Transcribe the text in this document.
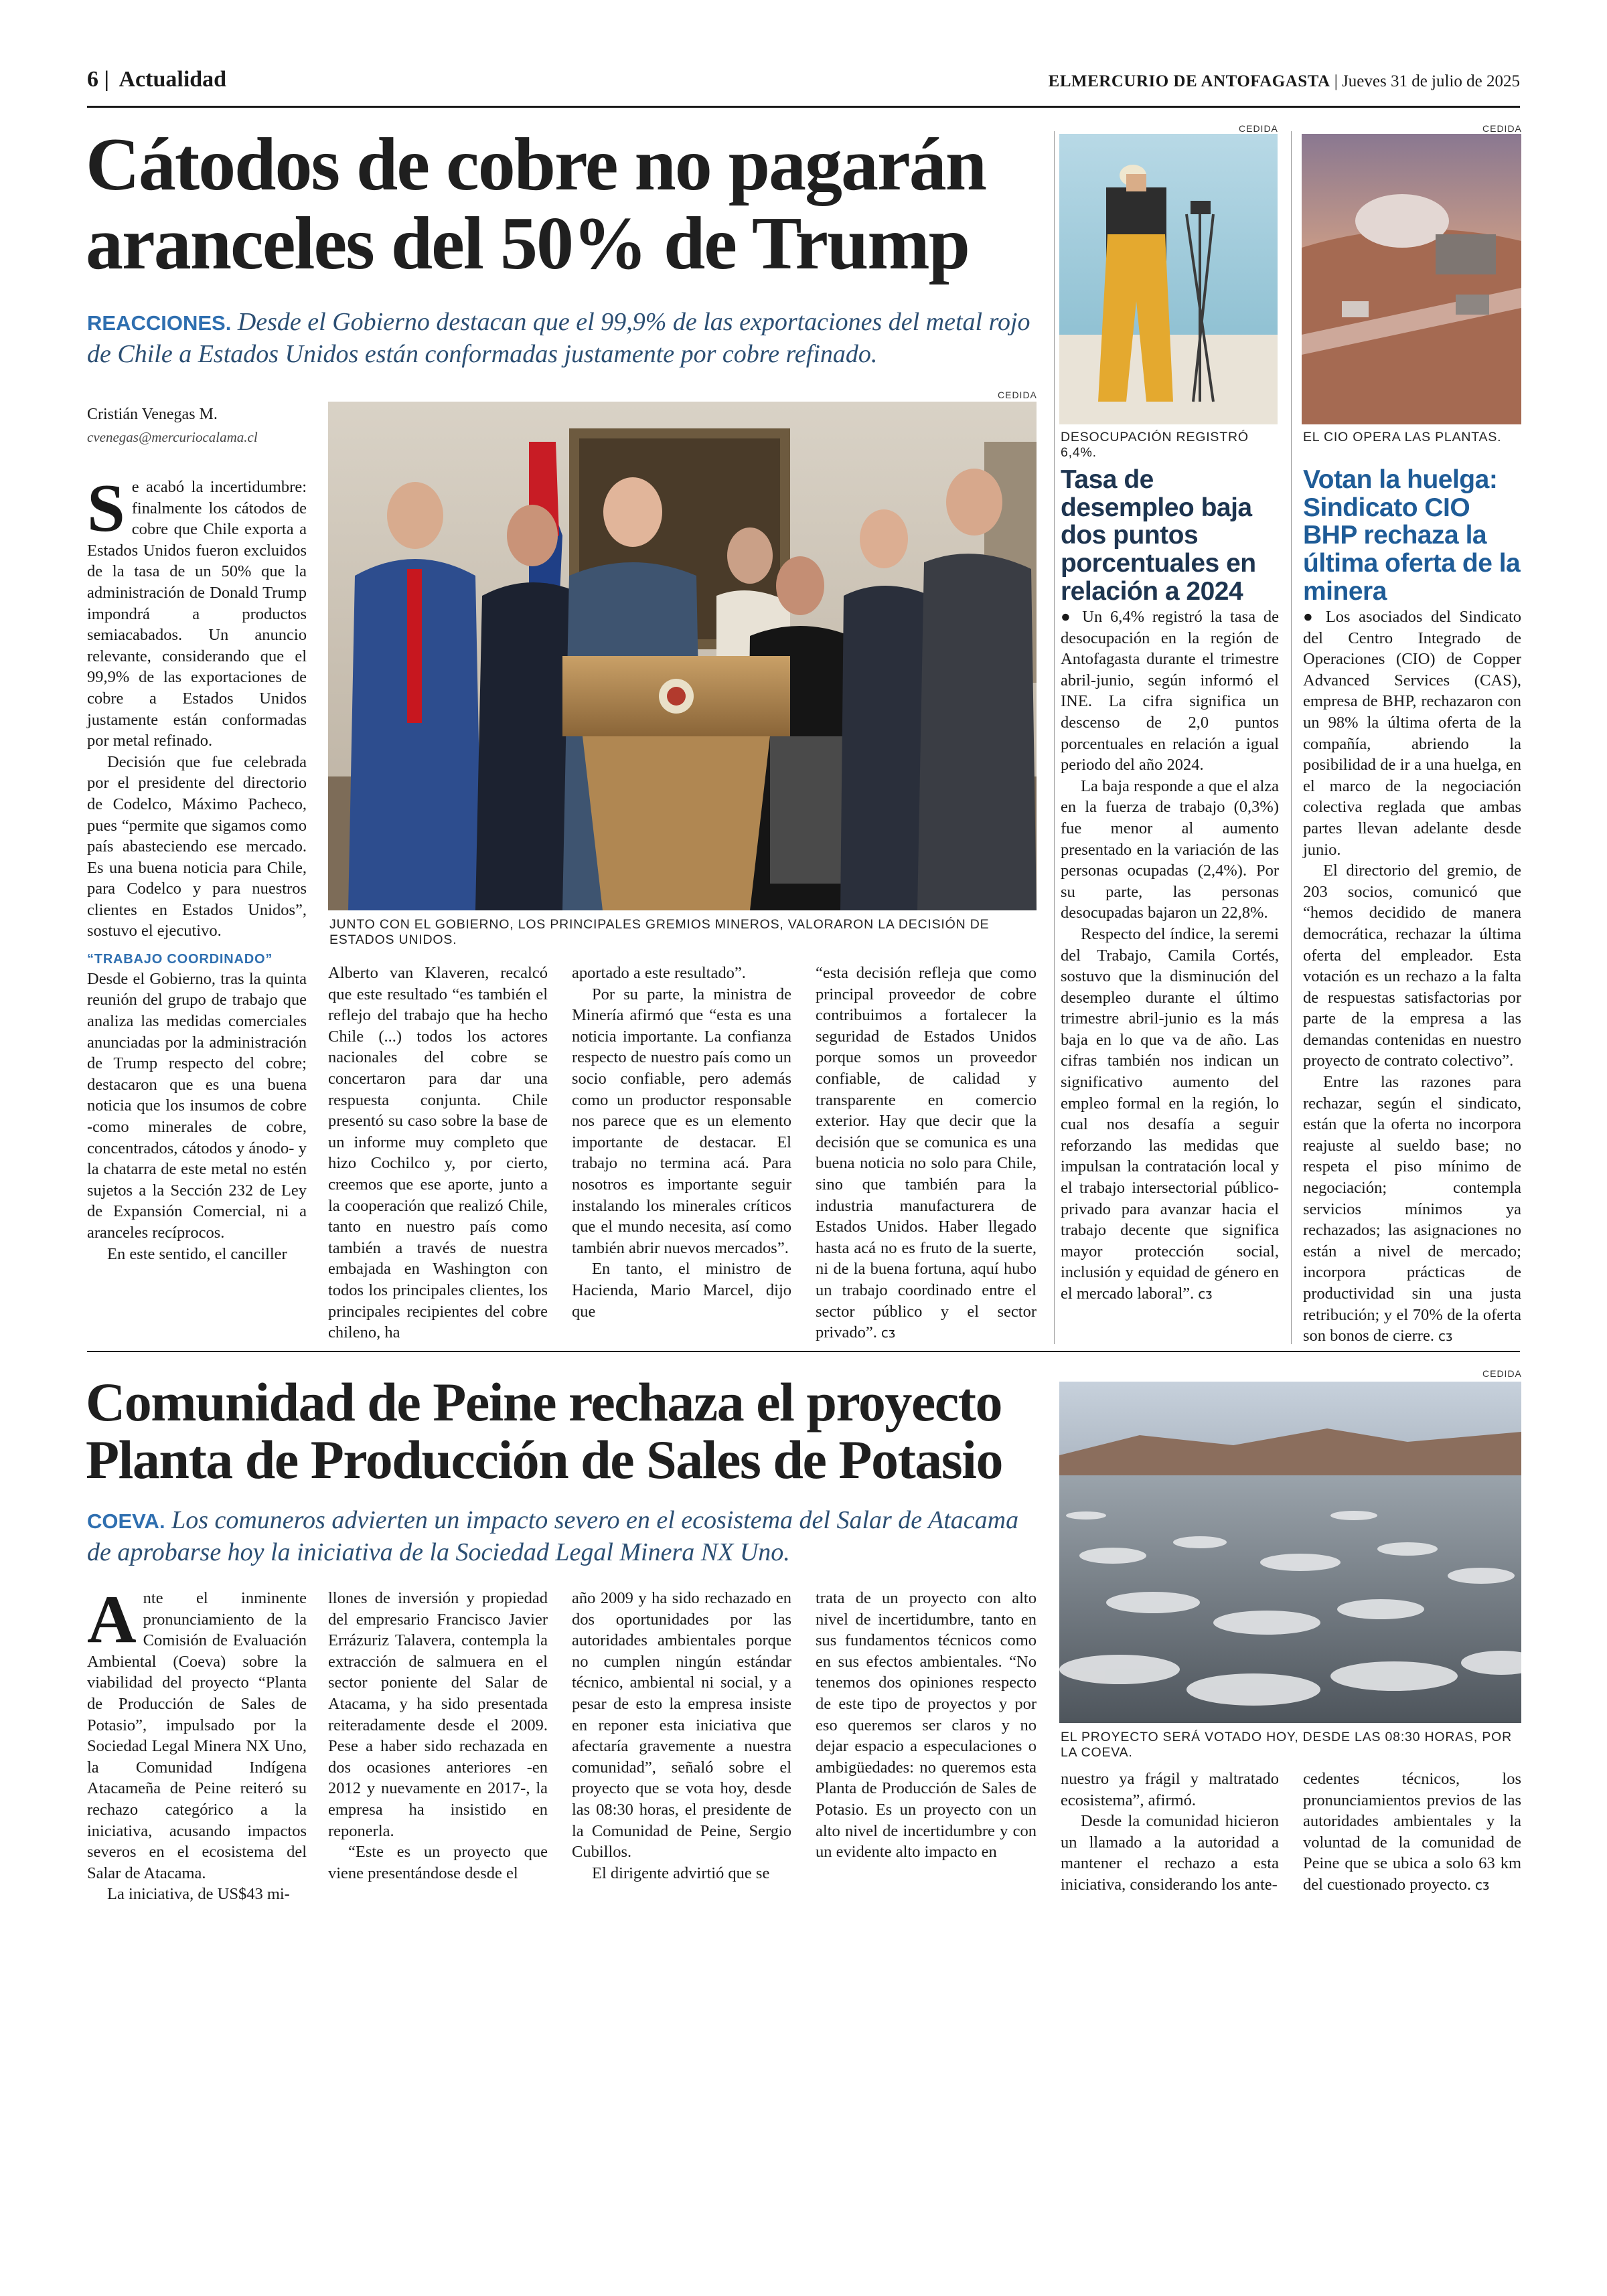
6 | Actualidad	ELMERCURIO DE ANTOFAGASTA | Jueves 31 de julio de 2025
Cátodos de cobre no pagarán
aranceles del 50% de Trump
REACCIONES. Desde el Gobierno destacan que el 99,9% de las exportaciones del metal rojo de Chile a Estados Unidos están conformadas justamente por cobre refinado.
Cristián Venegas M.
cvenegas@mercuriocalama.cl
CEDIDA
JUNTO CON EL GOBIERNO, LOS PRINCIPALES GREMIOS MINEROS, VALORARON LA DECISIÓN DE ESTADOS UNIDOS.

Se acabó la incertidumbre: finalmente los cátodos de cobre que Chile exporta a Estados Unidos fueron excluidos de la tasa de un 50% que la administración de Donald Trump impondrá a productos semiacabados. Un anuncio relevante, considerando que el 99,9% de las exportaciones de cobre a Estados Unidos justamente están conformadas por metal refinado.

Decisión que fue celebrada por el presidente del directorio de Codelco, Máximo Pacheco, pues “permite que sigamos como país abasteciendo ese mercado. Es una buena noticia para Chile, para Codelco y para nuestros clientes en Estados Unidos”, sostuvo el ejecutivo.

“TRABAJO COORDINADO”

Desde el Gobierno, tras la quinta reunión del grupo de trabajo que analiza las medidas comerciales anunciadas por la administración de Trump respecto del cobre; destacaron que es una buena noticia que los insumos de cobre -como minerales de cobre, concentrados, cátodos y ánodo- y la chatarra de este metal no estén sujetos a la Sección 232 de Ley de Expansión Comercial, ni a aranceles recíprocos.

En este sentido, el canciller

Alberto van Klaveren, recalcó que este resultado “es también el reflejo del trabajo que ha hecho Chile (...) todos los actores nacionales del cobre se concertaron para dar una respuesta conjunta. Chile presentó su caso sobre la base de un informe muy completo que hizo Cochilco y, por cierto, creemos que ese aporte, junto a la cooperación que realizó Chile, tanto en nuestro país como también a través de nuestra embajada en Washington con todos los principales clientes, los principales recipientes del cobre chileno, ha

aportado a este resultado”.

Por su parte, la ministra de Minería afirmó que “esta es una noticia importante. La confianza respecto de nuestro país como un socio confiable, pero además como un productor responsable nos parece que es un elemento importante de destacar. El trabajo no termina acá. Para nosotros es importante seguir instalando los minerales críticos que el mundo necesita, así como también abrir nuevos mercados”.

En tanto, el ministro de Hacienda, Mario Marcel, dijo que

“esta decisión refleja que como principal proveedor de cobre contribuimos a fortalecer la seguridad de Estados Unidos porque somos un proveedor confiable, de calidad y transparente en comercio exterior. Hay que decir que la decisión que se comunica es una buena noticia no solo para Chile, sino que también para la industria manufacturera de Estados Unidos. Haber llegado hasta acá no es fruto de la suerte, ni de la buena fortuna, aquí hubo un trabajo coordinado entre el sector público y el sector privado”. ᴄᴣ

CEDIDA
DESOCUPACIÓN REGISTRÓ 6,4%.
Tasa de desempleo baja dos puntos porcentuales en relación a 2024

● Un 6,4% registró la tasa de desocupación en la región de Antofagasta durante el trimestre abril-junio, según informó el INE. La cifra significa un descenso de 2,0 puntos porcentuales en relación a igual periodo del año 2024.

La baja responde a que el alza en la fuerza de trabajo (0,3%) fue menor al aumento presentado en la variación de las personas ocupadas (2,4%). Por su parte, las personas desocupadas bajaron un 22,8%.

Respecto del índice, la seremi del Trabajo, Camila Cortés, sostuvo que la disminución del desempleo durante el último trimestre abril-junio es la más baja en lo que va de año. Las cifras también nos indican un significativo aumento del empleo formal en la región, lo cual nos desafía a seguir reforzando las medidas que impulsan la contratación local y el trabajo intersectorial público-privado para avanzar hacia el trabajo decente que significa mayor protección social, inclusión y equidad de género en el mercado laboral”. ᴄᴣ

CEDIDA
EL CIO OPERA LAS PLANTAS.
Votan la huelga: Sindicato CIO BHP rechaza la última oferta de la minera

● Los asociados del Sindicato del Centro Integrado de Operaciones (CIO) de Copper Advanced Services (CAS), empresa de BHP, rechazaron con un 98% la última oferta de la compañía, abriendo la posibilidad de ir a una huelga, en el marco de la negociación colectiva reglada que ambas partes llevan adelante desde junio.

El directorio del gremio, de 203 socios, comunicó que “hemos decidido de manera democrática, rechazar la última oferta del empleador. Esta votación es un rechazo a la falta de respuestas satisfactorias por parte de la empresa a las demandas contenidas en nuestro proyecto de contrato colectivo”.

Entre las razones para rechazar, según el sindicato, están que la oferta no incorpora reajuste al sueldo base; no respeta el piso mínimo de negociación; contempla servicios mínimos ya rechazados; las asignaciones no están a nivel de mercado; incorpora prácticas de productividad sin una justa retribución; y el 70% de la oferta son bonos de cierre. ᴄᴣ

Comunidad de Peine rechaza el proyecto
Planta de Producción de Sales de Potasio
COEVA. Los comuneros advierten un impacto severo en el ecosistema del Salar de Atacama de aprobarse hoy la iniciativa de la Sociedad Legal Minera NX Uno.
CEDIDA
EL PROYECTO SERÁ VOTADO HOY, DESDE LAS 08:30 HORAS, POR LA COEVA.

Ante el inminente pronunciamiento de la Comisión de Evaluación Ambiental (Coeva) sobre la viabilidad del proyecto “Planta de Producción de Sales de Potasio”, impulsado por la Sociedad Legal Minera NX Uno, la Comunidad Indígena Atacameña de Peine reiteró su rechazo categórico a la iniciativa, acusando impactos severos en el ecosistema del Salar de Atacama.

La iniciativa, de US$43 mi-

llones de inversión y propiedad del empresario Francisco Javier Errázuriz Talavera, contempla la extracción de salmuera en el sector poniente del Salar de Atacama, y ha sido presentada reiteradamente desde el 2009. Pese a haber sido rechazada en dos ocasiones anteriores -en 2012 y nuevamente en 2017-, la empresa ha insistido en reponerla.

“Este es un proyecto que viene presentándose desde el

año 2009 y ha sido rechazado en dos oportunidades por las autoridades ambientales porque no cumplen ningún estándar técnico, ambiental ni social, y a pesar de esto la empresa insiste en reponer esta iniciativa que afectaría gravemente a nuestra comunidad”, señaló sobre el proyecto que se vota hoy, desde las 08:30 horas, el presidente de la Comunidad de Peine, Sergio Cubillos.

El dirigente advirtió que se

trata de un proyecto con alto nivel de incertidumbre, tanto en sus fundamentos técnicos como en sus efectos ambientales. “No tenemos dos opiniones respecto de este tipo de proyectos y por eso queremos ser claros y no dejar espacio a especulaciones o ambigüedades: no queremos esta Planta de Producción de Sales de Potasio. Es un proyecto con un alto nivel de incertidumbre y con un evidente alto impacto en

nuestro ya frágil y maltratado ecosistema”, afirmó.

Desde la comunidad hicieron un llamado a la autoridad a mantener el rechazo a esta iniciativa, considerando los ante-

cedentes técnicos, los pronunciamientos previos de las autoridades ambientales y la voluntad de la comunidad de Peine que se ubica a solo 63 km del cuestionado proyecto. ᴄᴣ
